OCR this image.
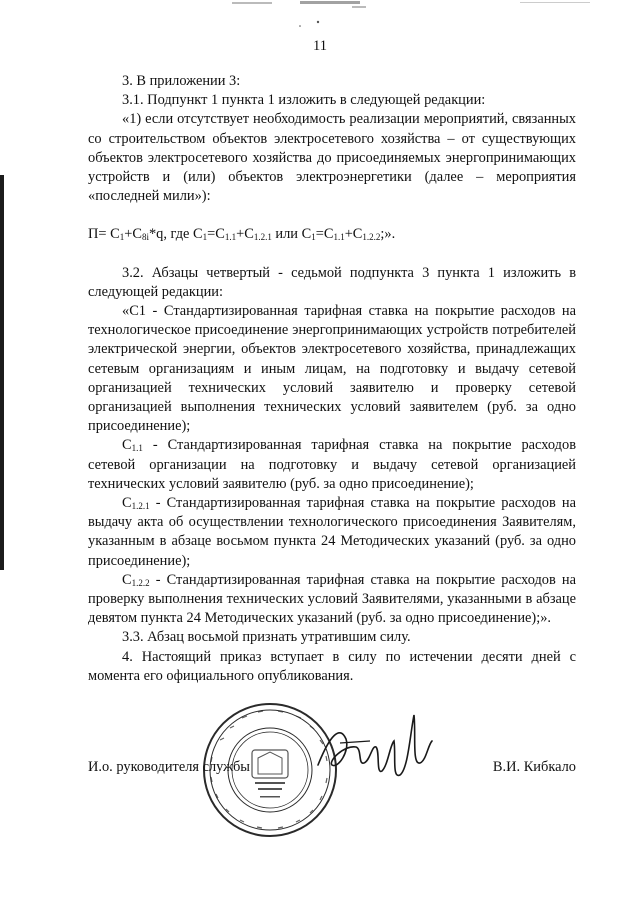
11

3. В приложении 3:

3.1. Подпункт 1 пункта 1 изложить в следующей редакции:

«1) если отсутствует необходимость реализации мероприятий, связанных со строительством объектов электросетевого хозяйства – от существующих объектов электросетевого хозяйства до присоединяемых энергопринимающих устройств и (или) объектов электроэнергетики (далее – мероприятия «последней мили»):

$П= С_1+С_{8i}*q$, где $С_1=С_{1.1}+С_{1.2.1}$ или $С_1=С_{1.1}+С_{1.2.2}$;».

3.2. Абзацы четвертый - седьмой подпункта 3 пункта 1 изложить в следующей редакции:

«С1 - Стандартизированная тарифная ставка на покрытие расходов на технологическое присоединение энергопринимающих устройств потребителей электрической энергии, объектов электросетевого хозяйства, принадлежащих сетевым организациям и иным лицам, на подготовку и выдачу сетевой организацией технических условий заявителю и проверку сетевой организацией выполнения технических условий заявителем (руб. за одно присоединение);

$С_{1.1}$ - Стандартизированная тарифная ставка на покрытие расходов сетевой организации на подготовку и выдачу сетевой организацией технических условий заявителю (руб. за одно присоединение);

$С_{1.2.1}$ - Стандартизированная тарифная ставка на покрытие расходов на выдачу акта об осуществлении технологического присоединения Заявителям, указанным в абзаце восьмом пункта 24 Методических указаний (руб. за одно присоединение);

$С_{1.2.2}$ - Стандартизированная тарифная ставка на покрытие расходов на проверку выполнения технических условий Заявителями, указанными в абзаце девятом пункта 24 Методических указаний (руб. за одно присоединение);».

3.3. Абзац восьмой признать утратившим силу.

4. Настоящий приказ вступает в силу по истечении десяти дней с момента его официального опубликования.

И.о. руководителя службы	В.И. Кибкало
